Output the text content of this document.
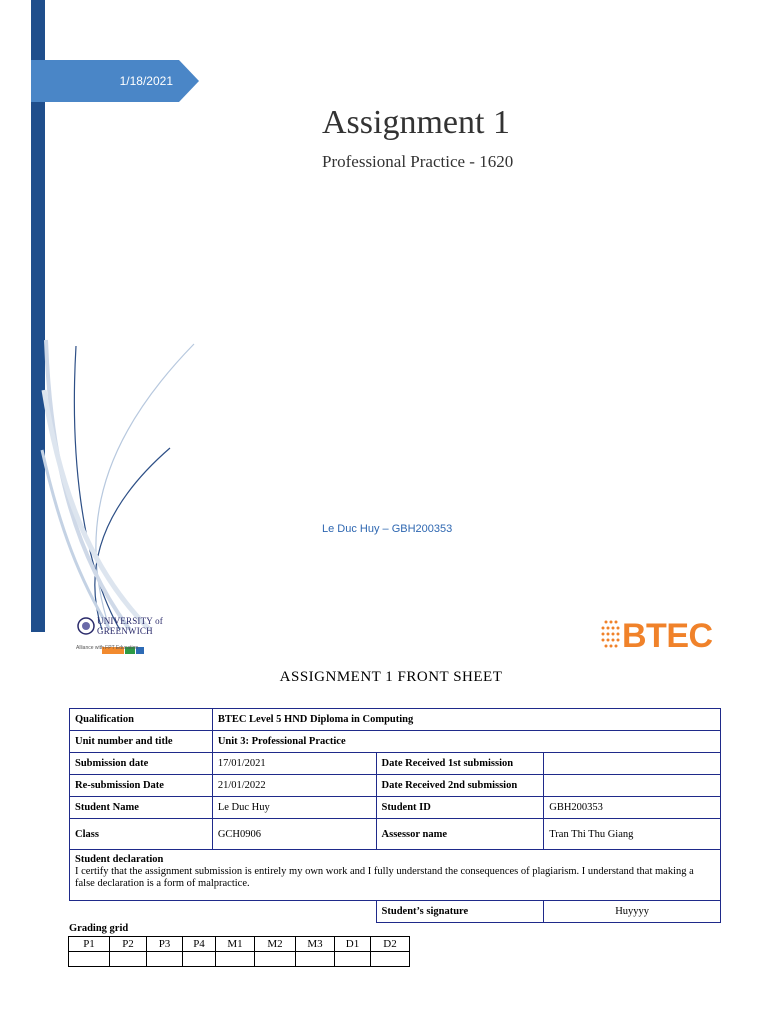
1/18/2021
Assignment 1
Professional Practice - 1620
Le Duc Huy – GBH200353
UNIVERSITY of
GREENWICH
Alliance with FPT Education	BTEC
ASSIGNMENT 1 FRONT SHEET
Qualification	BTEC Level 5 HND Diploma in Computing		
Unit number and title	Unit 3: Professional Practice		
Submission date	17/01/2021	Date Received 1st submission	
Re-submission Date	21/01/2022	Date Received 2nd submission	
Student Name	Le Duc Huy	Student ID	GBH200353
Class	GCH0906	Assessor name	Tran Thi Thu Giang
Student declaration
I certify that the assignment submission is entirely my own work and I fully understand the consequences of plagiarism. I understand that making a false declaration is a form of malpractice.			
		Student’s signature	Huyyyy
Grading grid
P1	P2	P3	P4	M1	M2	M3	D1	D2
